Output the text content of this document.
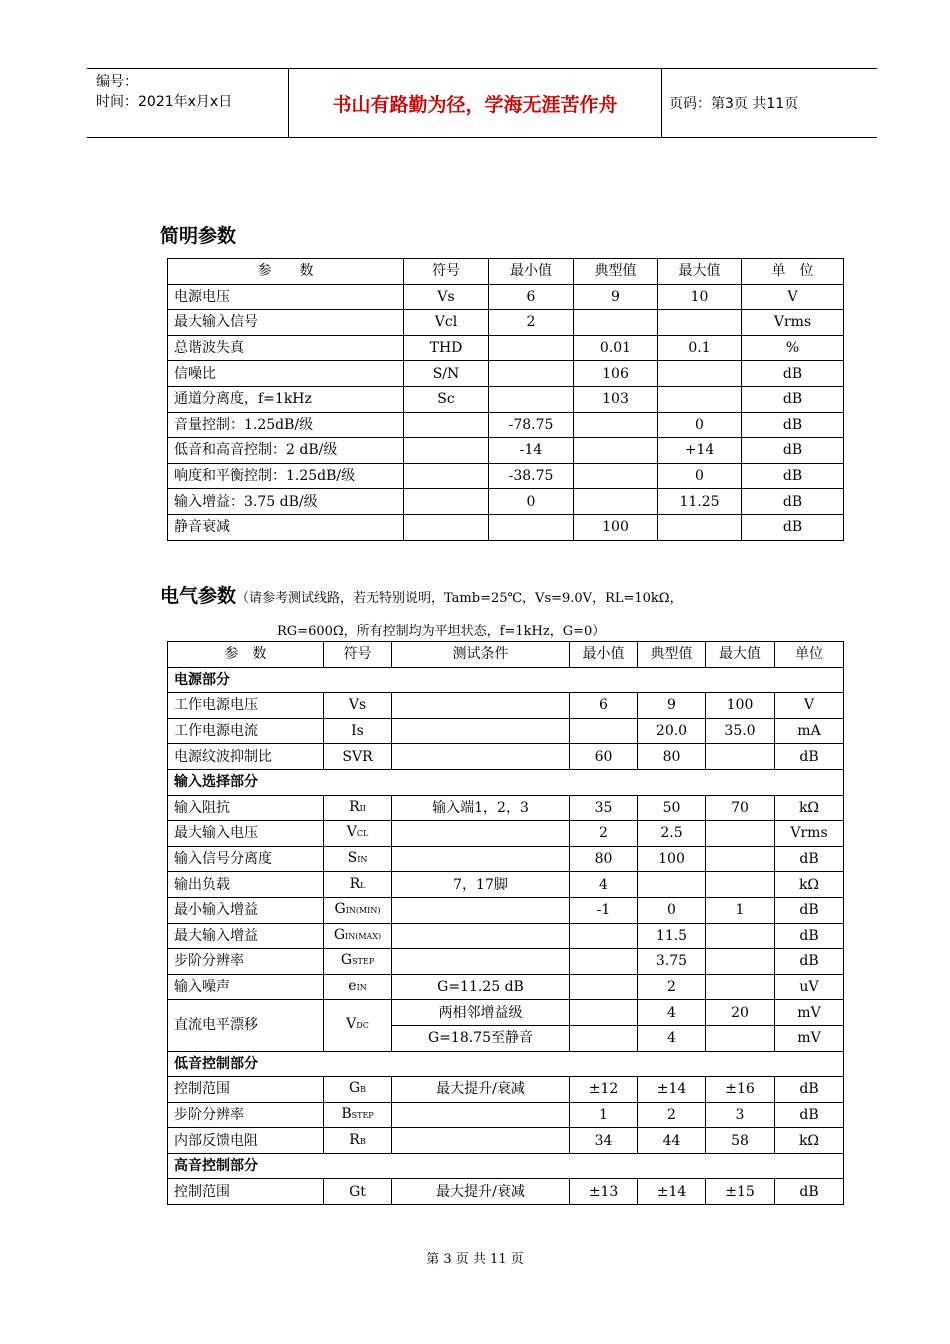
编号：
时间：2021年x月x日	书山有路勤为径，学海无涯苦作舟	页码：第3页 共11页
简明参数
参　　数	符号	最小值	典型值	最大值	单　位
电源电压	Vs	6	9	10	V
最大输入信号	Vcl	2			Vrms
总谐波失真	THD		0.01	0.1	%
信噪比	S/N		106		dB
通道分离度，f=1kHz	Sc		103		dB
音量控制：1.25dB/级		-78.75		0	dB
低音和高音控制：2 dB/级		-14		+14	dB
响度和平衡控制：1.25dB/级		-38.75		0	dB
输入增益：3.75 dB/级		0		11.25	dB
静音衰减			100		dB
电气参数（请参考测试线路，若无特别说明，Tamb=25℃，Vs=9.0V，RL=10kΩ，
RG=600Ω，所有控制均为平坦状态，f=1kHz，G=0）
参　数	符号	测试条件	最小值	典型值	最大值	单位
电源部分						
工作电源电压	Vs		6	9	100	V
工作电源电流	Is			20.0	35.0	mA
电源纹波抑制比	SVR		60	80		dB
输入选择部分						
输入阻抗	RII	输入端1，2，3	35	50	70	kΩ
最大输入电压	VCL		2	2.5		Vrms
输入信号分离度	SIN		80	100		dB
输出负载	RL	7，17脚	4			kΩ
最小输入增益	GIN(MIN)		-1	0	1	dB
最大输入增益	GIN(MAX)			11.5		dB
步阶分辨率	GSTEP			3.75		dB
输入噪声	eIN	G=11.25 dB		2		uV
直流电平漂移	VDC	两相邻增益级		4	20	mV
		G=18.75至静音		4		mV
低音控制部分						
控制范围	GB	最大提升/衰减	±12	±14	±16	dB
步阶分辨率	BSTEP		1	2	3	dB
内部反馈电阻	RB		34	44	58	kΩ
高音控制部分						
控制范围	Gt	最大提升/衰减	±13	±14	±15	dB
第 3 页 共 11 页
